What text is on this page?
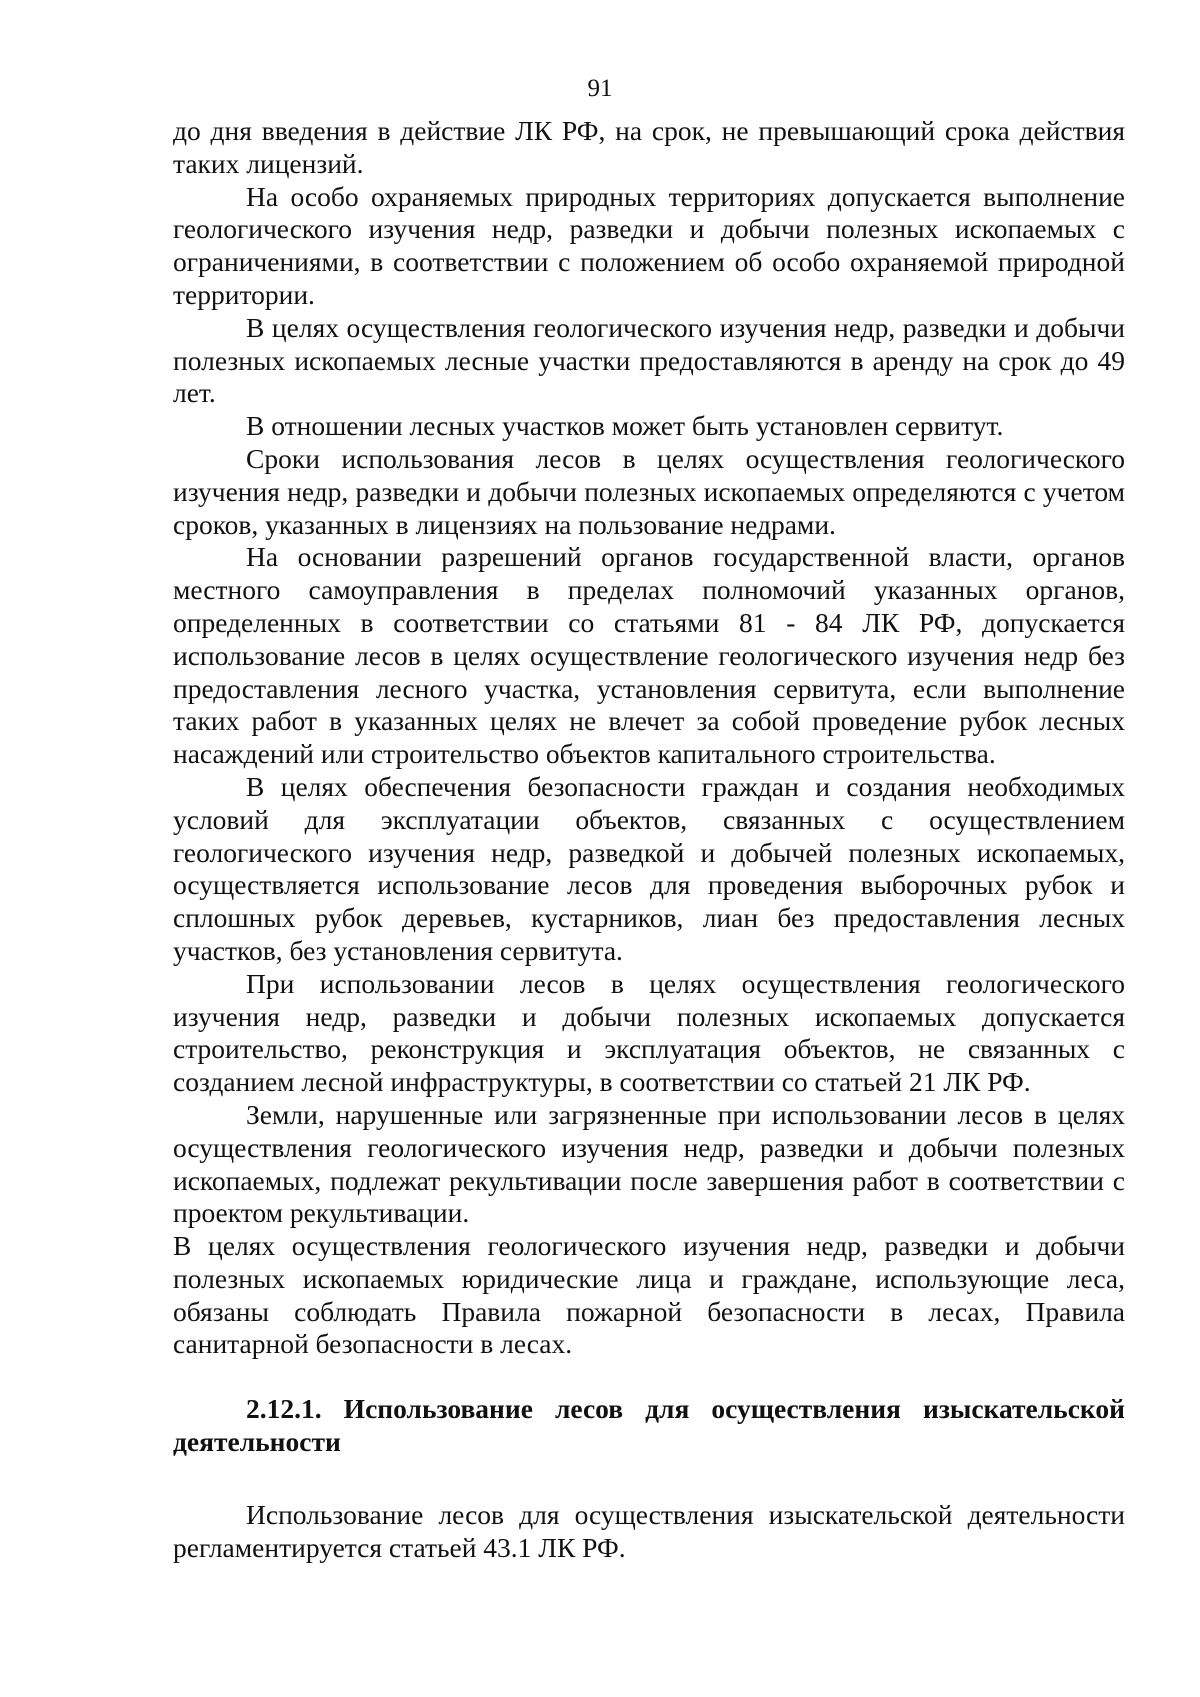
91

до дня введения в действие ЛК РФ, на срок, не превышающий срока действия таких лицензий.

На особо охраняемых природных территориях допускается выполнение геологического изучения недр, разведки и добычи полезных ископаемых с ограничениями, в соответствии с положением об особо охраняемой природной территории.

В целях осуществления геологического изучения недр, разведки и добычи полезных ископаемых лесные участки предоставляются в аренду на срок до 49 лет.

В отношении лесных участков может быть установлен сервитут.

Сроки использования лесов в целях осуществления геологического изучения недр, разведки и добычи полезных ископаемых определяются с учетом сроков, указанных в лицензиях на пользование недрами.

На основании разрешений органов государственной власти, органов местного самоуправления в пределах полномочий указанных органов, определенных в соответствии со статьями 81 - 84 ЛК РФ, допускается использование лесов в целях осуществление геологического изучения недр без предоставления лесного участка, установления сервитута, если выполнение таких работ в указанных целях не влечет за собой проведение рубок лесных насаждений или строительство объектов капитального строительства.

В целях обеспечения безопасности граждан и создания необходимых условий для эксплуатации объектов, связанных с осуществлением геологического изучения недр, разведкой и добычей полезных ископаемых, осуществляется использование лесов для проведения выборочных рубок и сплошных рубок деревьев, кустарников, лиан без предоставления лесных участков, без установления сервитута.

При использовании лесов в целях осуществления геологического изучения недр, разведки и добычи полезных ископаемых допускается строительство, реконструкция и эксплуатация объектов, не связанных с созданием лесной инфраструктуры, в соответствии со статьей 21 ЛК РФ.

Земли, нарушенные или загрязненные при использовании лесов в целях осуществления геологического изучения недр, разведки и добычи полезных ископаемых, подлежат рекультивации после завершения работ в соответствии с проектом рекультивации.

В целях осуществления геологического изучения недр, разведки и добычи полезных ископаемых юридические лица и граждане, использующие леса, обязаны соблюдать Правила пожарной безопасности в лесах, Правила санитарной безопасности в лесах.

2.12.1. Использование лесов для осуществления изыскательской деятельности

Использование лесов для осуществления изыскательской деятельности регламентируется статьей 43.1 ЛК РФ.
